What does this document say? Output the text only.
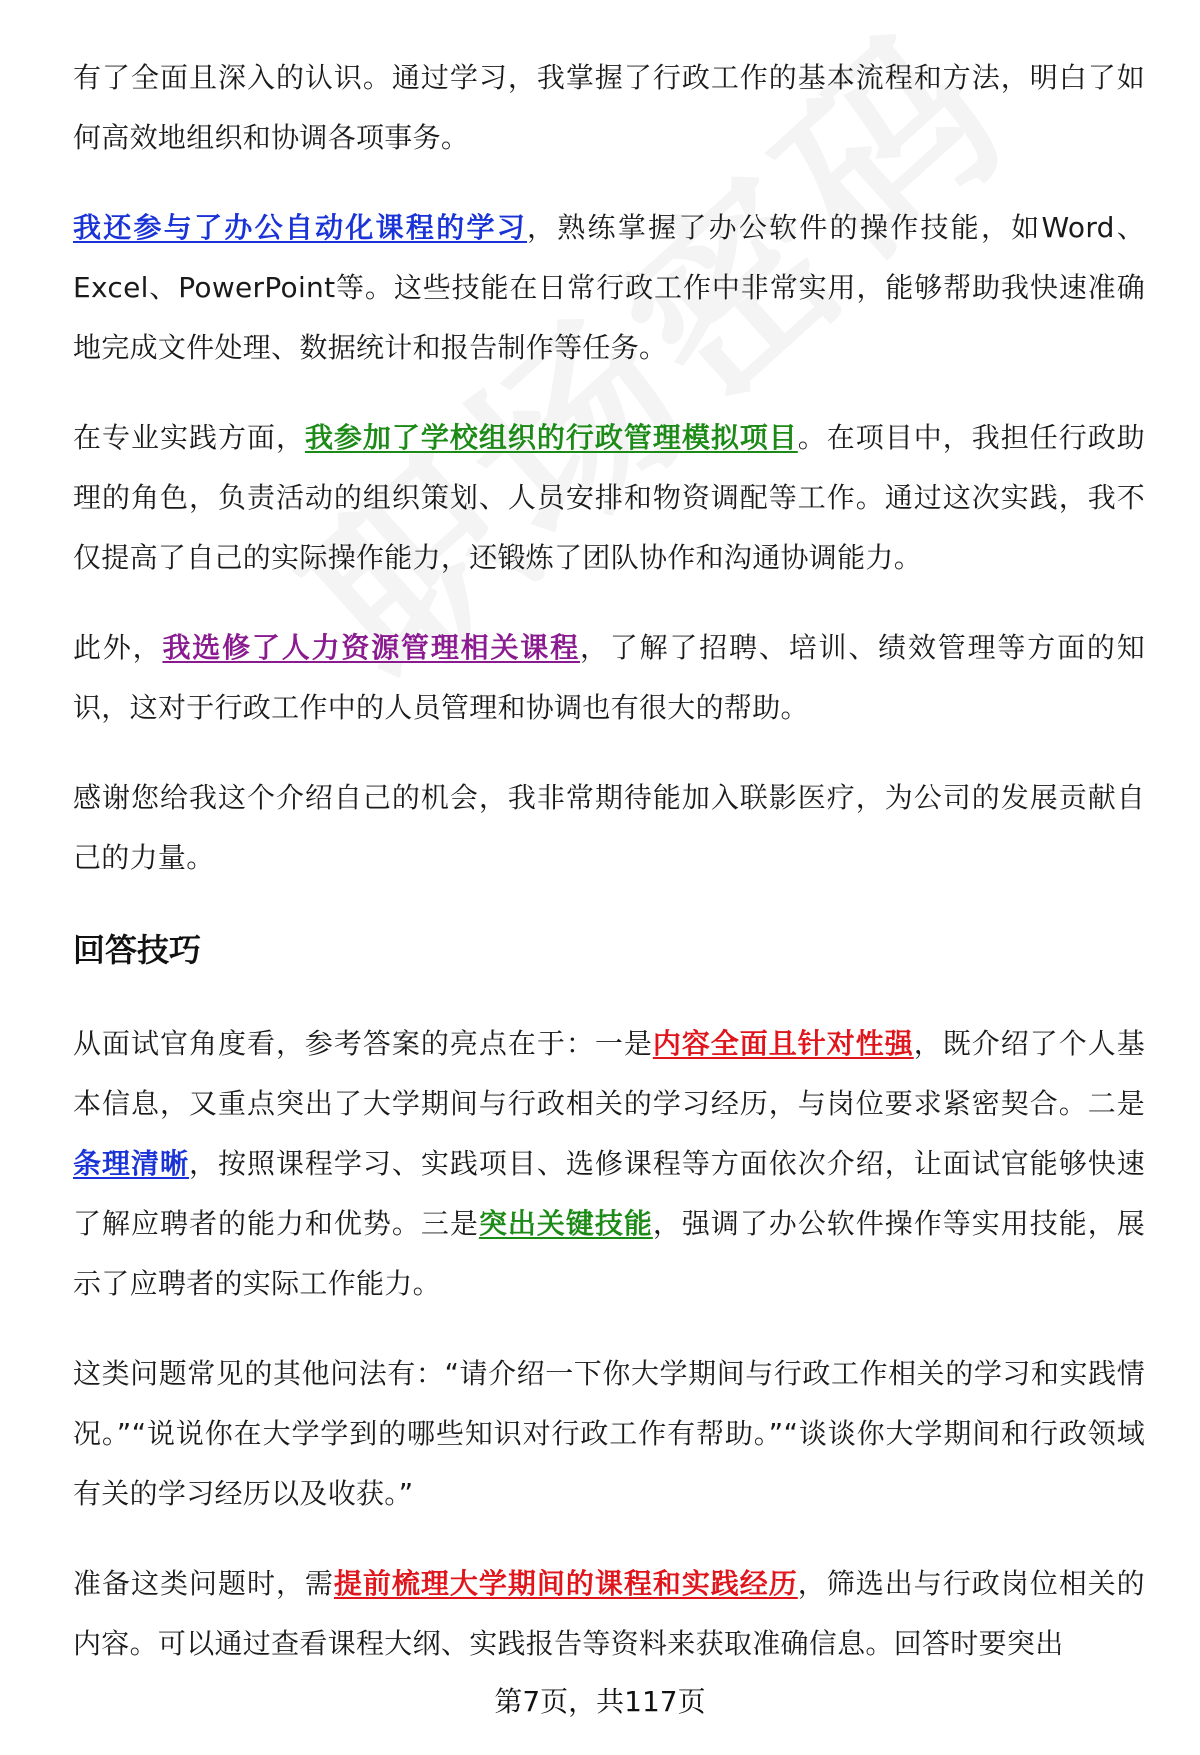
有了全面且深入的认识。通过学习，我掌握了行政工作的基本流程和方法，明白了如何高效地组织和协调各项事务。

我还参与了办公自动化课程的学习，熟练掌握了办公软件的操作技能，如Word、Excel、PowerPoint等。这些技能在日常行政工作中非常实用，能够帮助我快速准确地完成文件处理、数据统计和报告制作等任务。

在专业实践方面，我参加了学校组织的行政管理模拟项目。在项目中，我担任行政助理的角色，负责活动的组织策划、人员安排和物资调配等工作。通过这次实践，我不仅提高了自己的实际操作能力，还锻炼了团队协作和沟通协调能力。

此外，我选修了人力资源管理相关课程，了解了招聘、培训、绩效管理等方面的知识，这对于行政工作中的人员管理和协调也有很大的帮助。

感谢您给我这个介绍自己的机会，我非常期待能加入联影医疗，为公司的发展贡献自己的力量。

回答技巧

从面试官角度看，参考答案的亮点在于：一是内容全面且针对性强，既介绍了个人基本信息，又重点突出了大学期间与行政相关的学习经历，与岗位要求紧密契合。二是条理清晰，按照课程学习、实践项目、选修课程等方面依次介绍，让面试官能够快速了解应聘者的能力和优势。三是突出关键技能，强调了办公软件操作等实用技能，展示了应聘者的实际工作能力。

这类问题常见的其他问法有：“请介绍一下你大学期间与行政工作相关的学习和实践情况。”“说说你在大学学到的哪些知识对行政工作有帮助。”“谈谈你大学期间和行政领域有关的学习经历以及收获。”

准备这类问题时，需提前梳理大学期间的课程和实践经历，筛选出与行政岗位相关的内容。可以通过查看课程大纲、实践报告等资料来获取准确信息。回答时要突出

第7页，共117页
